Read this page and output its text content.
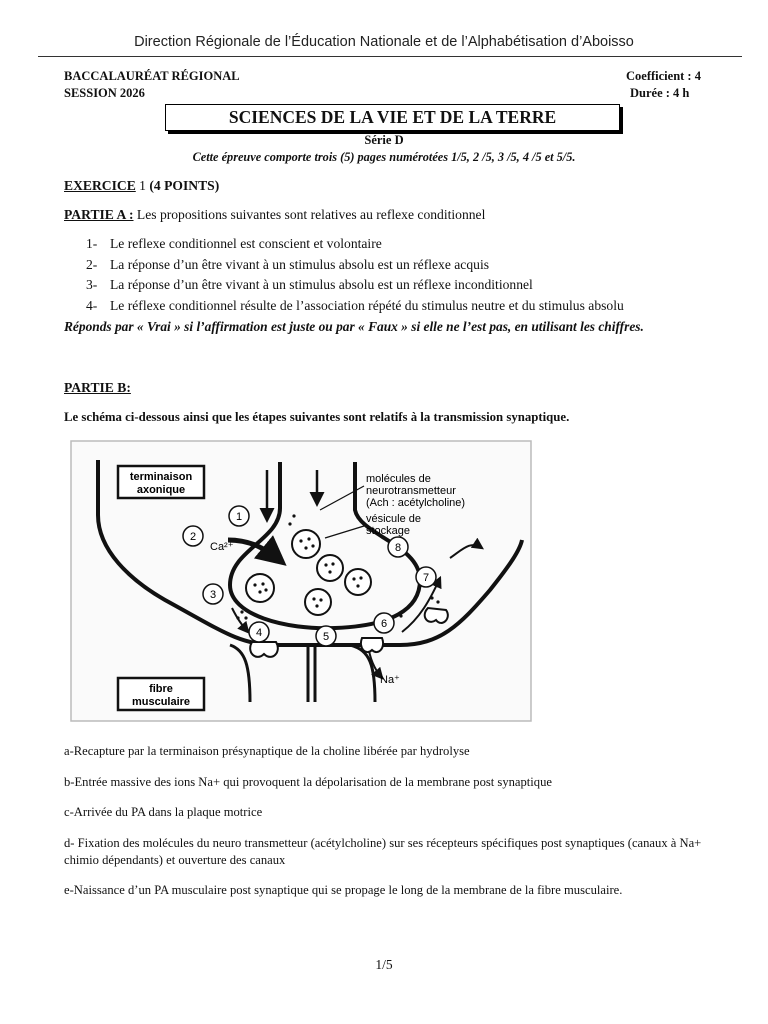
Direction Régionale de l’Éducation Nationale et de l’Alphabétisation d’Aboisso
BACCALAURÉAT RÉGIONAL
SESSION 2026
Coefficient : 4
Durée : 4 h
SCIENCES DE LA VIE ET DE LA TERRE
Série D
Cette épreuve comporte trois (5) pages numérotées 1/5, 2 /5, 3 /5, 4 /5 et 5/5.
EXERCICE 1 (4 POINTS)
PARTIE A : Les propositions suivantes sont relatives au reflexe conditionnel
1- Le reflexe conditionnel est conscient et volontaire
2- La réponse d’un être vivant à un stimulus absolu est un réflexe acquis
3- La réponse d’un être vivant à un stimulus absolu est un réflexe inconditionnel
4- Le réflexe conditionnel résulte de l’association répété du stimulus neutre et du stimulus absolu
Réponds par « Vrai » si l’affirmation est juste ou par « Faux » si elle ne l’est pas, en utilisant les chiffres.
PARTIE B:
Le schéma ci-dessous ainsi que les étapes suivantes sont relatifs à la transmission synaptique.
terminaison
axonique
fibre
musculaire
molécules de
neurotransmetteur
(Ach : acétylcholine)
vésicule de
stockage
Ca²⁺
Na⁺
1
2
3
4	5
6
7
8
a-Recapture par la terminaison présynaptique de la choline libérée par hydrolyse
b-Entrée massive des ions Na+ qui provoquent la dépolarisation de la membrane post synaptique
c-Arrivée du PA dans la plaque motrice
d- Fixation des molécules du neuro transmetteur (acétylcholine) sur ses récepteurs spécifiques post synaptiques (canaux à Na+ chimio dépendants) et ouverture des canaux
e-Naissance d’un PA musculaire post synaptique qui se propage le long de la membrane de la fibre musculaire.
1/5
